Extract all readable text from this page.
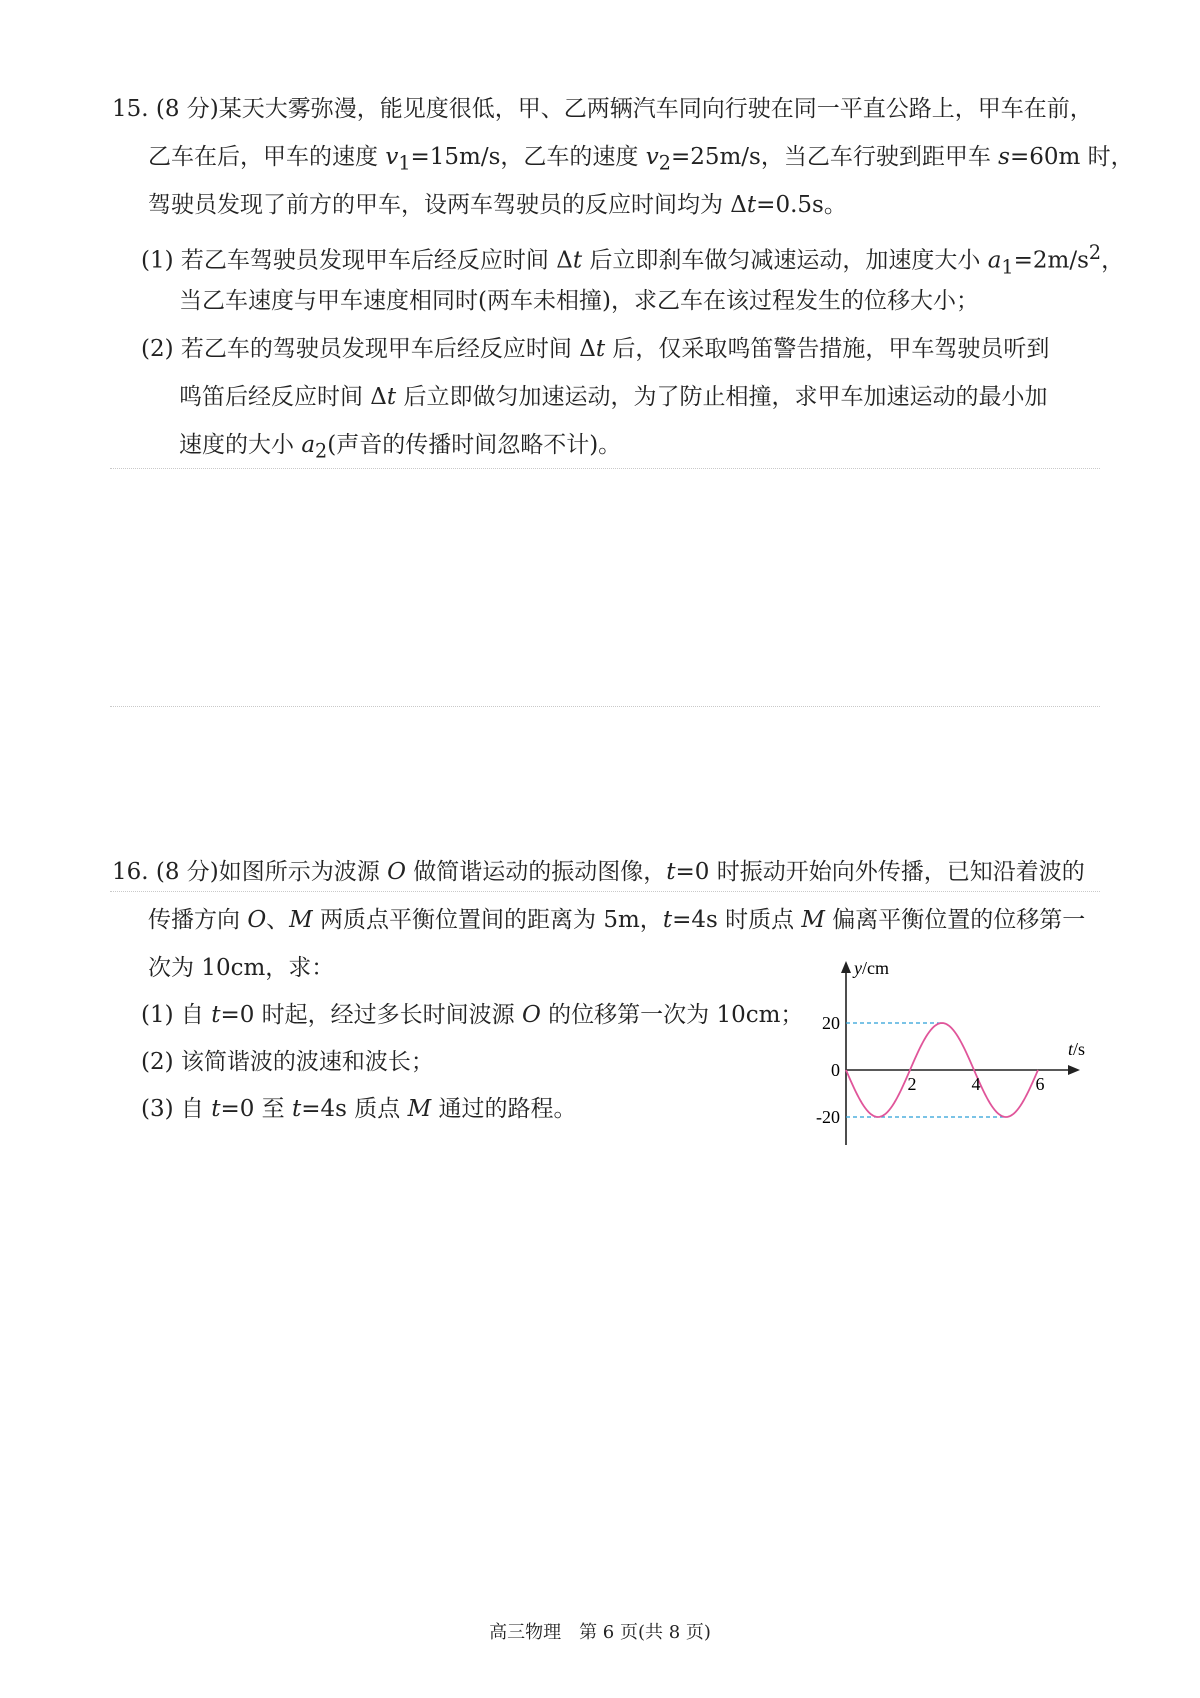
15. (8 分)某天大雾弥漫，能见度很低，甲、乙两辆汽车同向行驶在同一平直公路上，甲车在前，
乙车在后，甲车的速度 $v_1=15m/s$，乙车的速度 $v_2=25m/s$，当乙车行驶到距甲车 s=60m 时，
驾驶员发现了前方的甲车，设两车驾驶员的反应时间均为 Δt=0.5s。
(1) 若乙车驾驶员发现甲车后经反应时间 Δt 后立即刹车做匀减速运动，加速度大小 $a_1=2m/s^2$，
当乙车速度与甲车速度相同时(两车未相撞)，求乙车在该过程发生的位移大小；
(2) 若乙车的驾驶员发现甲车后经反应时间 Δt 后，仅采取鸣笛警告措施，甲车驾驶员听到
鸣笛后经反应时间 Δt 后立即做匀加速运动，为了防止相撞，求甲车加速运动的最小加
速度的大小 $a_2$(声音的传播时间忽略不计)。
16. (8 分)如图所示为波源 O 做简谐运动的振动图像，t=0 时振动开始向外传播，已知沿着波的
传播方向 O、M 两质点平衡位置间的距离为 5m，t=4s 时质点 M 偏离平衡位置的位移第一
次为 10cm，求：
(1) 自 t=0 时起，经过多长时间波源 O 的位移第一次为 10cm；
(2) 该简谐波的波速和波长；
(3) 自 t=0 至 t=4s 质点 M 通过的路程。
20
0
-20
2	4	6
y/cm
t/s
高三物理　第 6 页(共 8 页)
